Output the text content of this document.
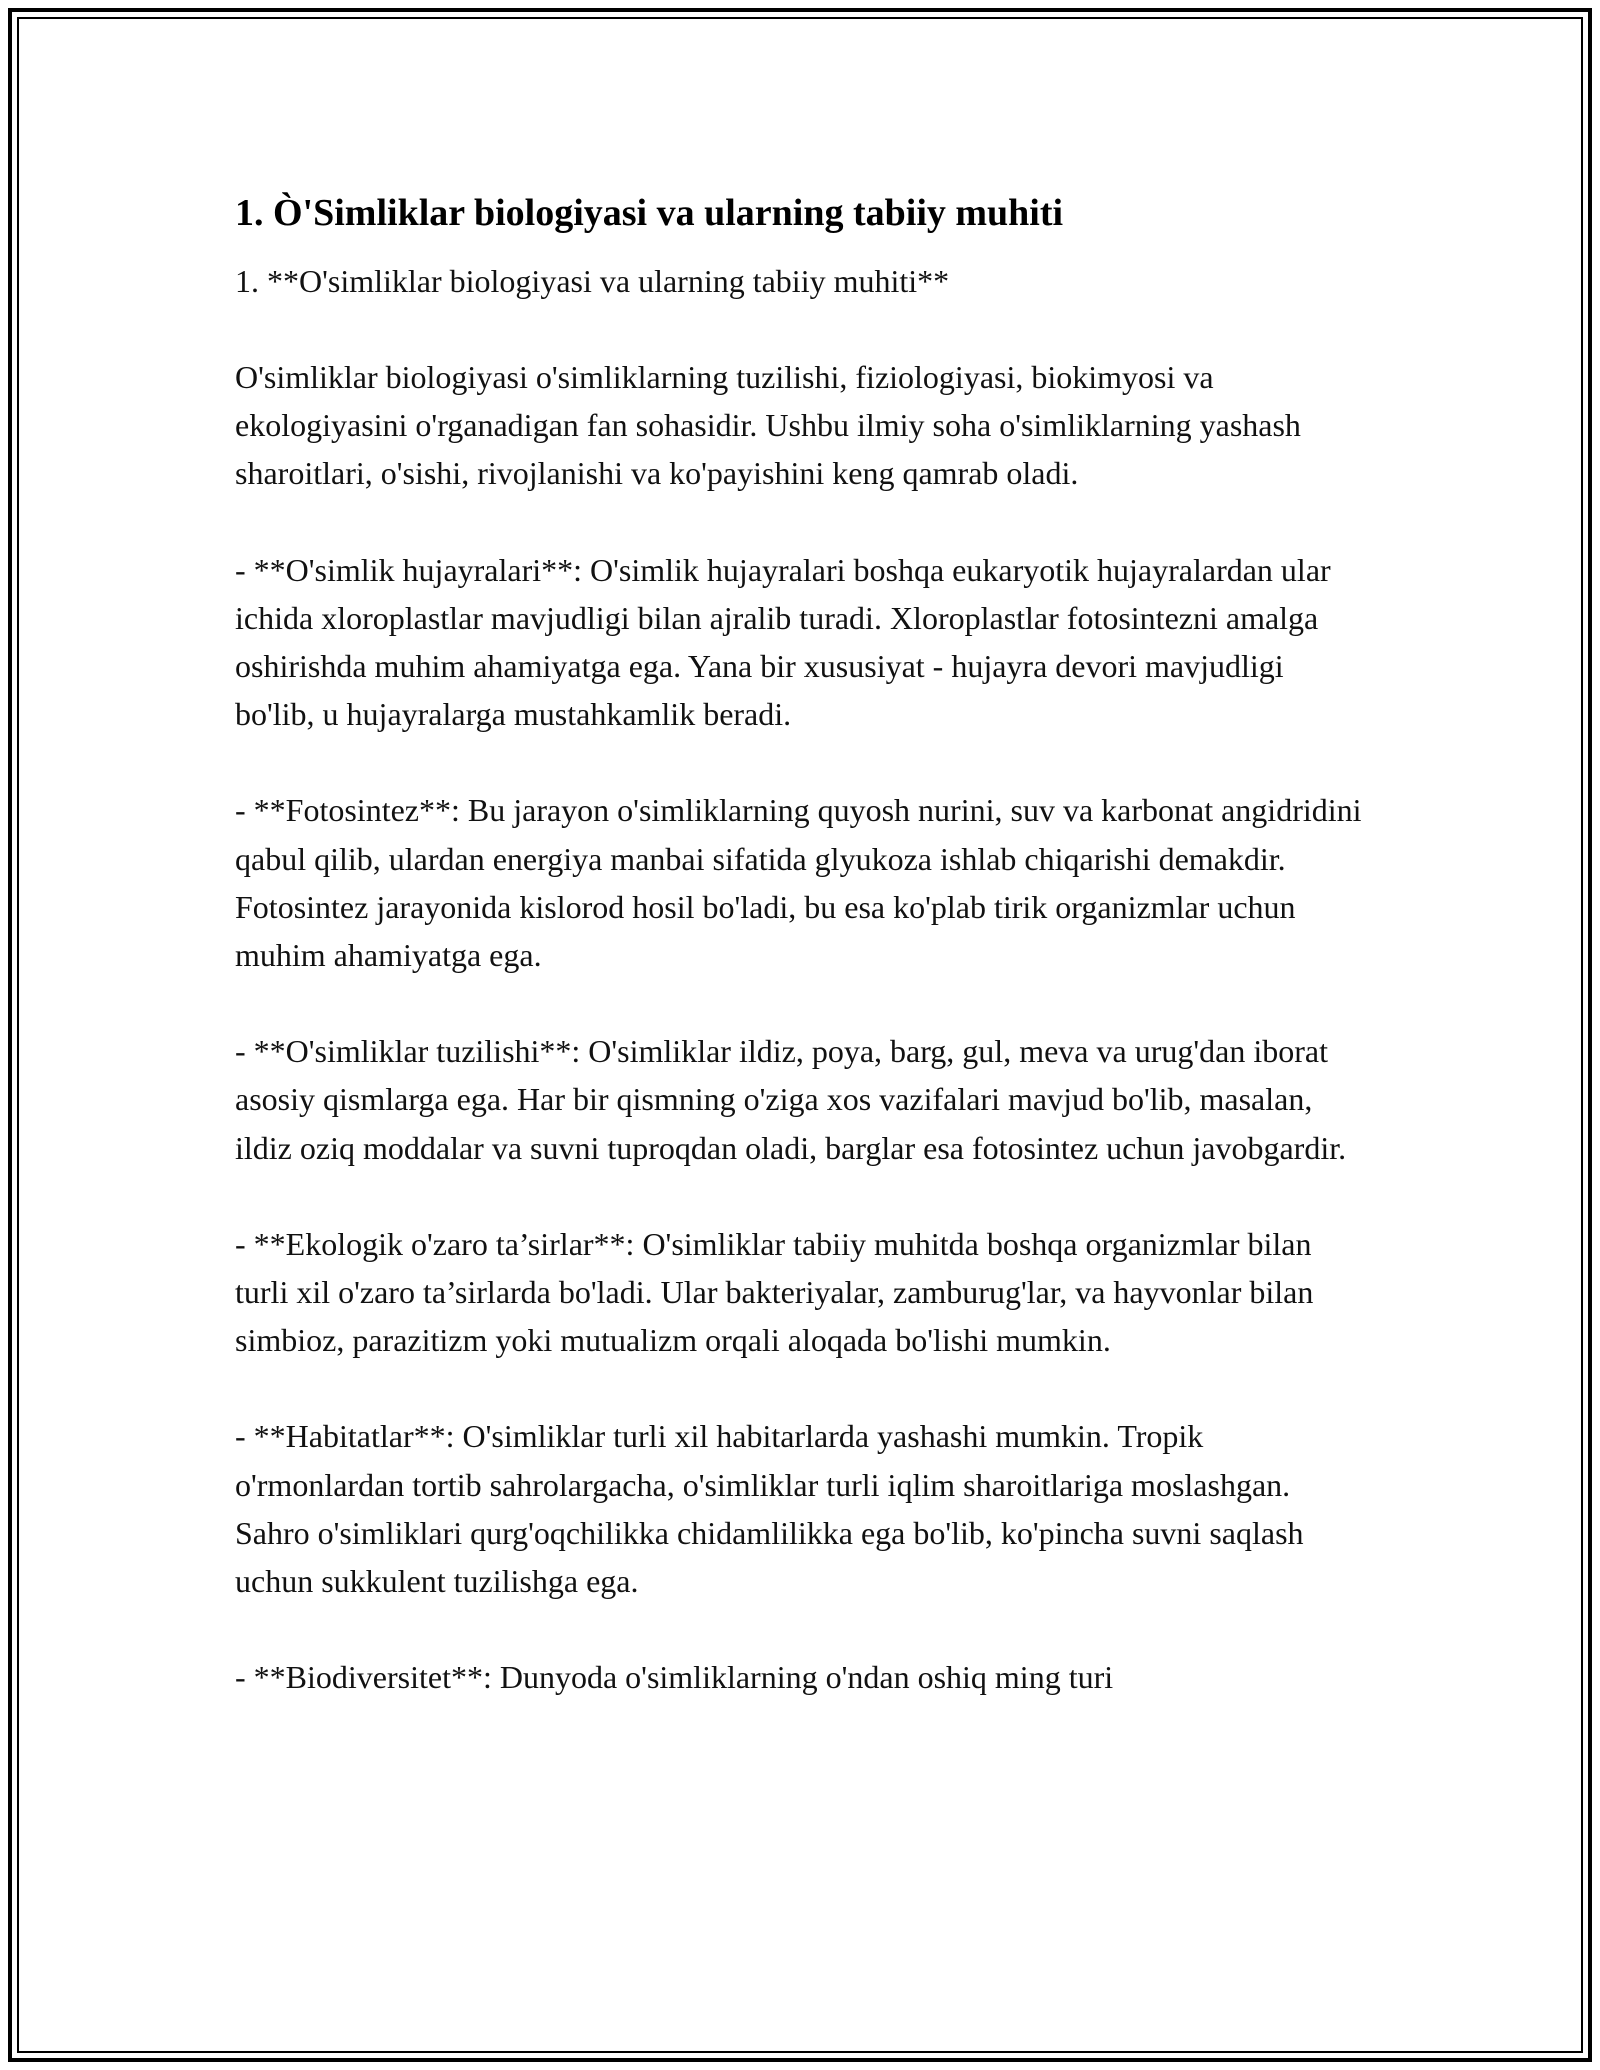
1. Ò'Simliklar biologiyasi va ularning tabiiy muhiti
1. **O'simliklar biologiyasi va ularning tabiiy muhiti**

O'simliklar biologiyasi o'simliklarning tuzilishi, fiziologiyasi, biokimyosi va ekologiyasini o'rganadigan fan sohasidir. Ushbu ilmiy soha o'simliklarning yashash sharoitlari, o'sishi, rivojlanishi va ko'payishini keng qamrab oladi.

- **O'simlik hujayralari**: O'simlik hujayralari boshqa eukaryotik hujayralardan ular ichida xloroplastlar mavjudligi bilan ajralib turadi. Xloroplastlar fotosintezni amalga oshirishda muhim ahamiyatga ega. Yana bir xususiyat - hujayra devori mavjudligi bo'lib, u hujayralarga mustahkamlik beradi.

- **Fotosintez**: Bu jarayon o'simliklarning quyosh nurini, suv va karbonat angidridini qabul qilib, ulardan energiya manbai sifatida glyukoza ishlab chiqarishi demakdir. Fotosintez jarayonida kislorod hosil bo'ladi, bu esa ko'plab tirik organizmlar uchun muhim ahamiyatga ega.

- **O'simliklar tuzilishi**: O'simliklar ildiz, poya, barg, gul, meva va urug'dan iborat asosiy qismlarga ega. Har bir qismning o'ziga xos vazifalari mavjud bo'lib, masalan, ildiz oziq moddalar va suvni tuproqdan oladi, barglar esa fotosintez uchun javobgardir.

- **Ekologik o'zaro ta’sirlar**: O'simliklar tabiiy muhitda boshqa organizmlar bilan turli xil o'zaro ta’sirlarda bo'ladi. Ular bakteriyalar, zamburug'lar, va hayvonlar bilan simbioz, parazitizm yoki mutualizm orqali aloqada bo'lishi mumkin.

- **Habitatlar**: O'simliklar turli xil habitarlarda yashashi mumkin. Tropik o'rmonlardan tortib sahrolargacha, o'simliklar turli iqlim sharoitlariga moslashgan. Sahro o'simliklari qurg'oqchilikka chidamlilikka ega bo'lib, ko'pincha suvni saqlash uchun sukkulent tuzilishga ega.

- **Biodiversitet**: Dunyoda o'simliklarning o'ndan oshiq ming turi
